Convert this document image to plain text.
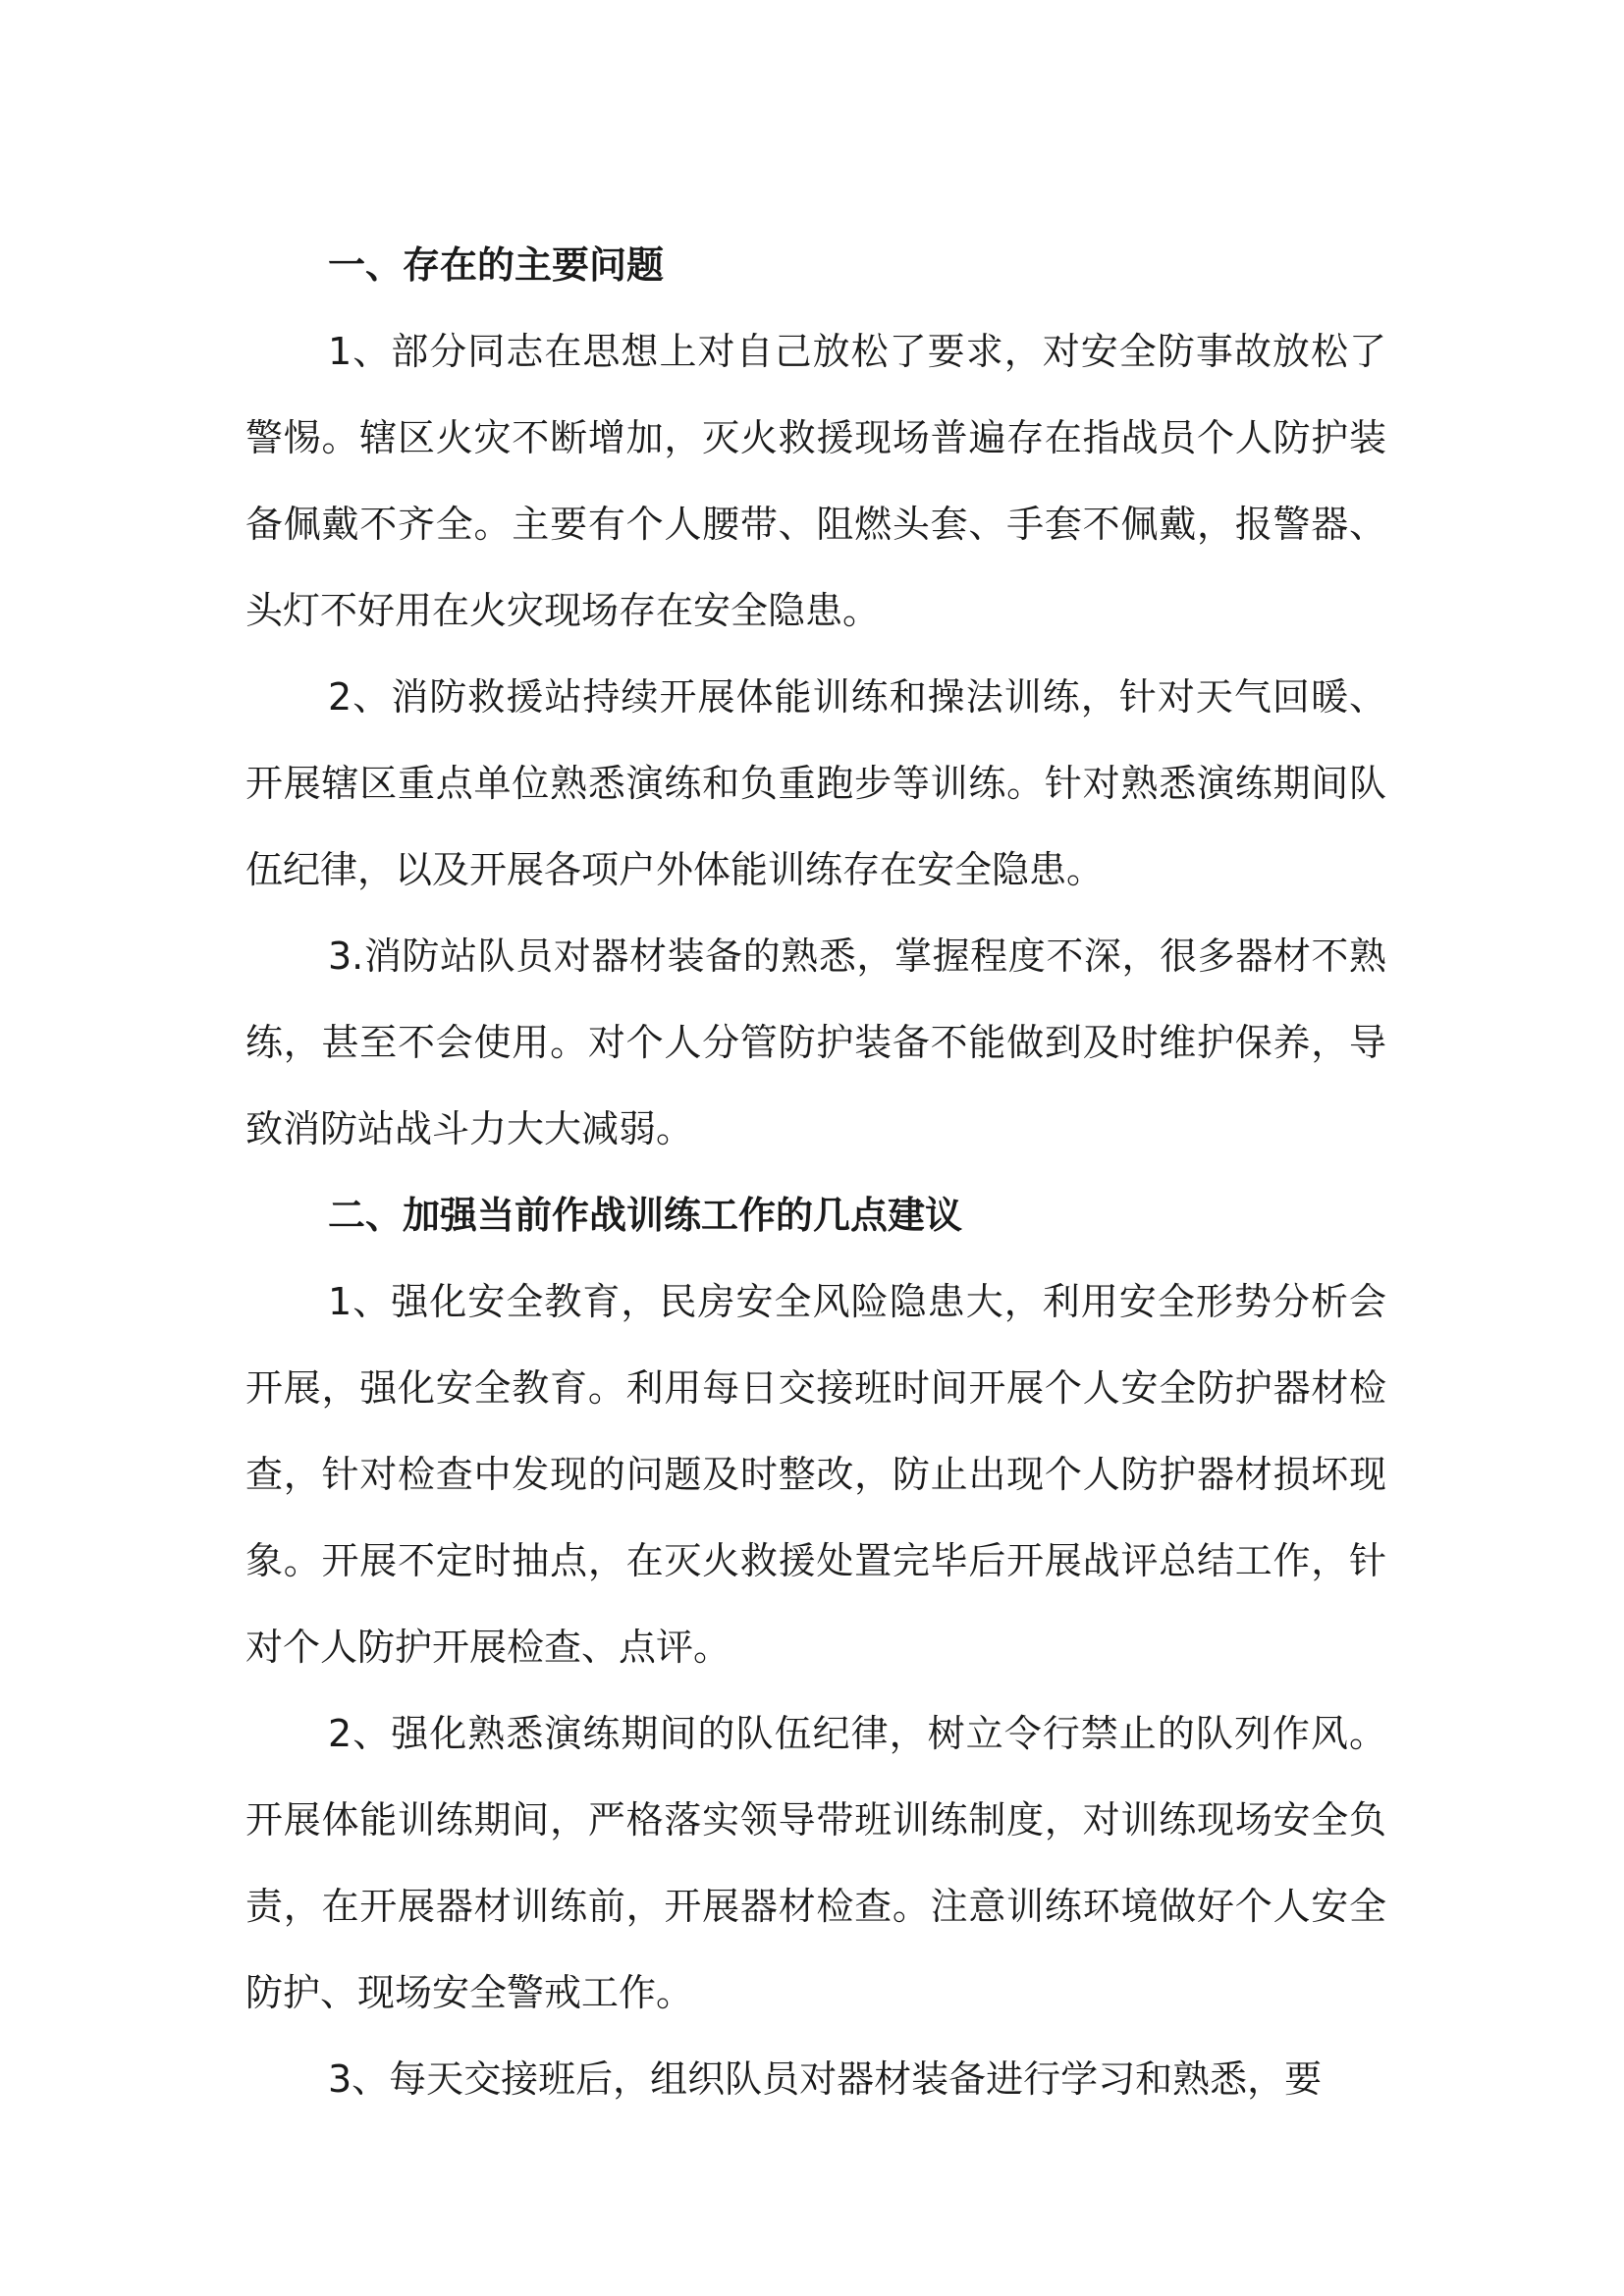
一、存在的主要问题

1、部分同志在思想上对自己放松了要求，对安全防事故放松了警惕。辖区火灾不断增加，灭火救援现场普遍存在指战员个人防护装备佩戴不齐全。主要有个人腰带、阻燃头套、手套不佩戴，报警器、头灯不好用在火灾现场存在安全隐患。

2、消防救援站持续开展体能训练和操法训练，针对天气回暖、开展辖区重点单位熟悉演练和负重跑步等训练。针对熟悉演练期间队伍纪律，以及开展各项户外体能训练存在安全隐患。

3.消防站队员对器材装备的熟悉，掌握程度不深，很多器材不熟练，甚至不会使用。对个人分管防护装备不能做到及时维护保养，导致消防站战斗力大大减弱。

二、加强当前作战训练工作的几点建议

1、强化安全教育，民房安全风险隐患大，利用安全形势分析会开展，强化安全教育。利用每日交接班时间开展个人安全防护器材检查，针对检查中发现的问题及时整改，防止出现个人防护器材损坏现象。开展不定时抽点，在灭火救援处置完毕后开展战评总结工作，针对个人防护开展检查、点评。

2、强化熟悉演练期间的队伍纪律，树立令行禁止的队列作风。开展体能训练期间，严格落实领导带班训练制度，对训练现场安全负责，在开展器材训练前，开展器材检查。注意训练环境做好个人安全防护、现场安全警戒工作。

3、每天交接班后，组织队员对器材装备进行学习和熟悉，要
